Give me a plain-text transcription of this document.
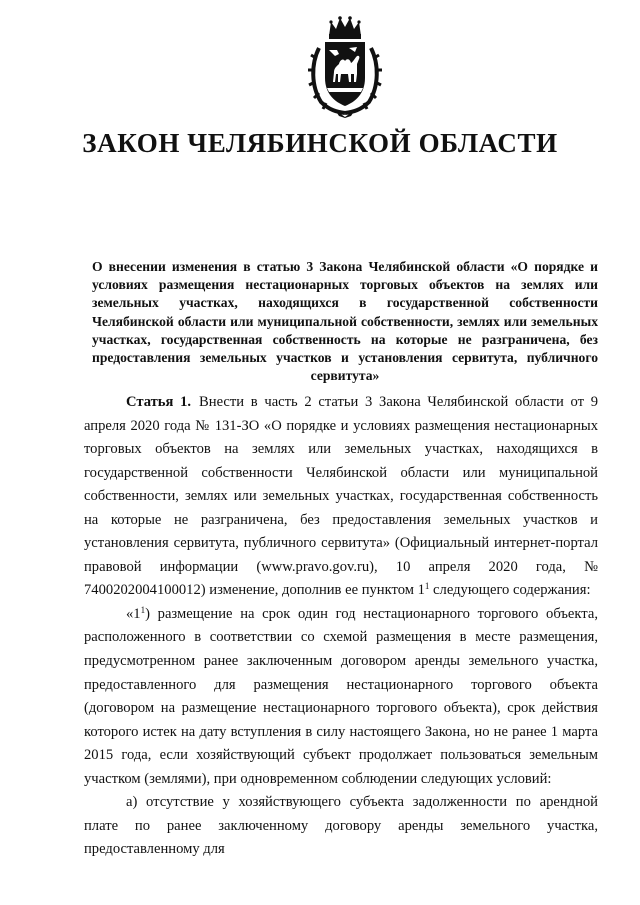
ЗАКОН ЧЕЛЯБИНСКОЙ ОБЛАСТИ

О внесении изменения в статью 3 Закона Челябинской области «О порядке и условиях размещения нестационарных торговых объектов на землях или земельных участках, находящихся в государственной собственности Челябинской области или муниципальной собственности, землях или земельных участках, государственная собственность на которые не разграничена, без предоставления земельных участков и установления сервитута, публичного сервитута»

Статья 1. Внести в часть 2 статьи 3 Закона Челябинской области от 9 апреля 2020 года № 131-ЗО «О порядке и условиях размещения нестационарных торговых объектов на землях или земельных участках, находящихся в государственной собственности Челябинской области или муниципальной собственности, землях или земельных участках, государственная собственность на которые не разграничена, без предоставления земельных участков и установления сервитута, публичного сервитута» (Официальный интернет-портал правовой информации (www.pravo.gov.ru), 10 апреля 2020 года, № 7400202004100012) изменение, дополнив ее пунктом $1^1$ следующего содержания:

«$1^1$) размещение на срок один год нестационарного торгового объекта, расположенного в соответствии со схемой размещения в месте размещения, предусмотренном ранее заключенным договором аренды земельного участка, предоставленного для размещения нестационарного торгового объекта (договором на размещение нестационарного торгового объекта), срок действия которого истек на дату вступления в силу настоящего Закона, но не ранее 1 марта 2015 года, если хозяйствующий субъект продолжает пользоваться земельным участком (землями), при одновременном соблюдении следующих условий:

а) отсутствие у хозяйствующего субъекта задолженности по арендной плате по ранее заключенному договору аренды земельного участка, предоставленному для
